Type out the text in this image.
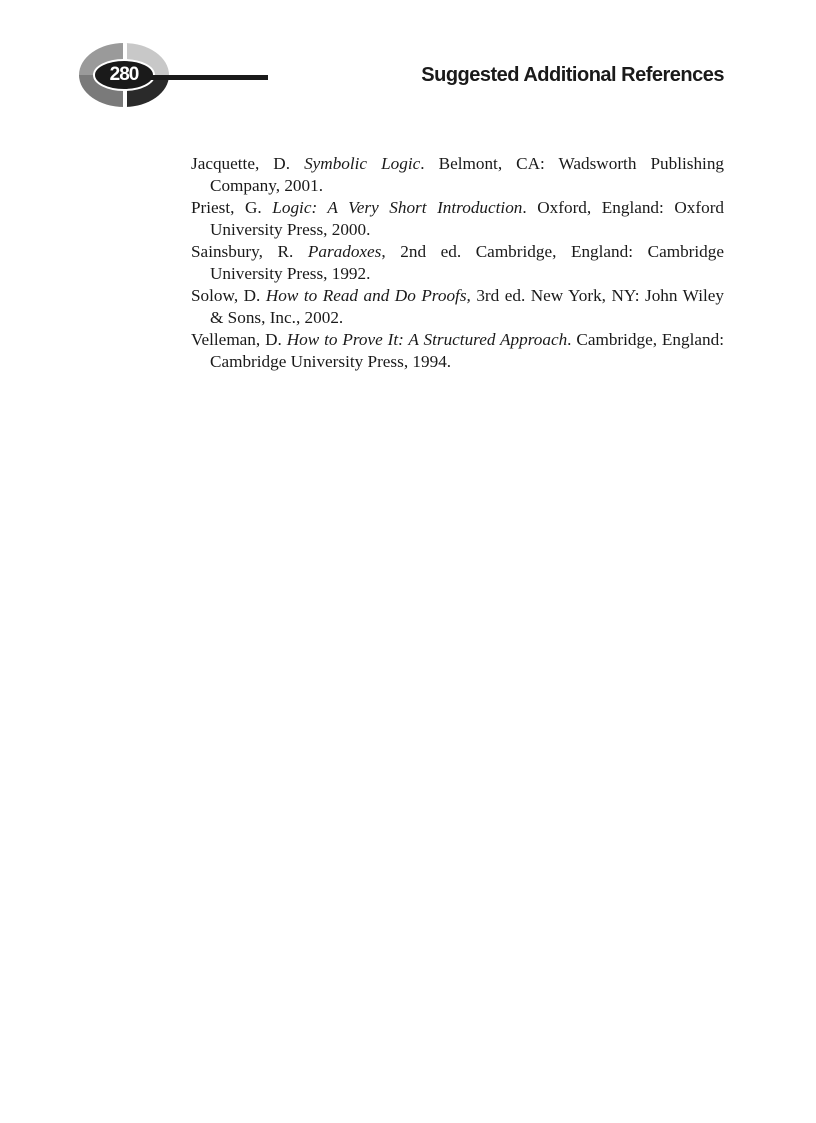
280	Suggested Additional References
Jacquette, D. Symbolic Logic. Belmont, CA: Wadsworth Publishing Company, 2001.
Priest, G. Logic: A Very Short Introduction. Oxford, England: Oxford University Press, 2000.
Sainsbury, R. Paradoxes, 2nd ed. Cambridge, England: Cambridge University Press, 1992.
Solow, D. How to Read and Do Proofs, 3rd ed. New York, NY: John Wiley & Sons, Inc., 2002.
Velleman, D. How to Prove It: A Structured Approach. Cambridge, England: Cambridge University Press, 1994.
